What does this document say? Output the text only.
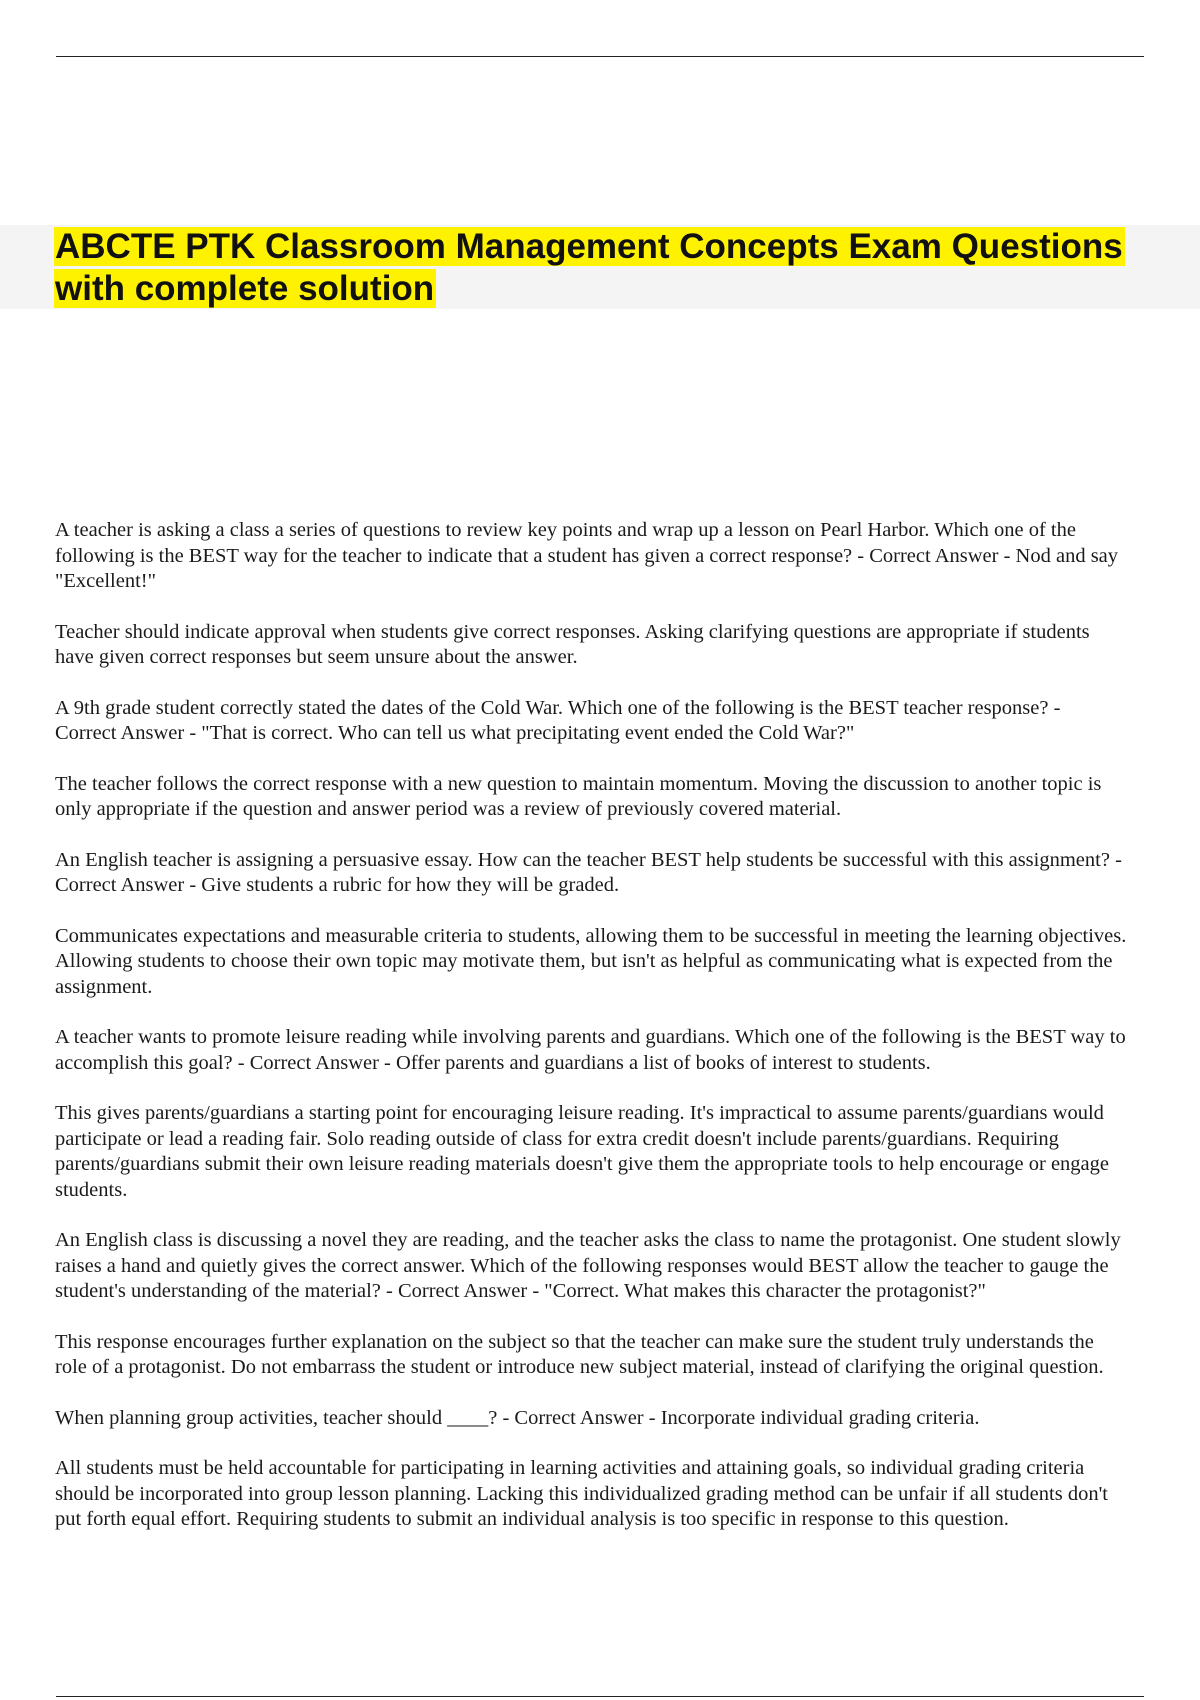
ABCTE PTK Classroom Management Concepts Exam Questions
with complete solution

A teacher is asking a class a series of questions to review key points and wrap up a lesson on Pearl Harbor. Which one of the
following is the BEST way for the teacher to indicate that a student has given a correct response? - Correct Answer - Nod and say
"Excellent!"

Teacher should indicate approval when students give correct responses. Asking clarifying questions are appropriate if students
have given correct responses but seem unsure about the answer.

A 9th grade student correctly stated the dates of the Cold War. Which one of the following is the BEST teacher response? -
Correct Answer - "That is correct. Who can tell us what precipitating event ended the Cold War?"

The teacher follows the correct response with a new question to maintain momentum. Moving the discussion to another topic is
only appropriate if the question and answer period was a review of previously covered material.

An English teacher is assigning a persuasive essay. How can the teacher BEST help students be successful with this assignment? -
Correct Answer - Give students a rubric for how they will be graded.

Communicates expectations and measurable criteria to students, allowing them to be successful in meeting the learning objectives.
Allowing students to choose their own topic may motivate them, but isn't as helpful as communicating what is expected from the
assignment.

A teacher wants to promote leisure reading while involving parents and guardians. Which one of the following is the BEST way to
accomplish this goal? - Correct Answer - Offer parents and guardians a list of books of interest to students.

This gives parents/guardians a starting point for encouraging leisure reading. It's impractical to assume parents/guardians would
participate or lead a reading fair. Solo reading outside of class for extra credit doesn't include parents/guardians. Requiring
parents/guardians submit their own leisure reading materials doesn't give them the appropriate tools to help encourage or engage
students.

An English class is discussing a novel they are reading, and the teacher asks the class to name the protagonist. One student slowly
raises a hand and quietly gives the correct answer. Which of the following responses would BEST allow the teacher to gauge the
student's understanding of the material? - Correct Answer - "Correct. What makes this character the protagonist?"

This response encourages further explanation on the subject so that the teacher can make sure the student truly understands the
role of a protagonist. Do not embarrass the student or introduce new subject material, instead of clarifying the original question.

When planning group activities, teacher should ____? - Correct Answer - Incorporate individual grading criteria.

All students must be held accountable for participating in learning activities and attaining goals, so individual grading criteria
should be incorporated into group lesson planning. Lacking this individualized grading method can be unfair if all students don't
put forth equal effort. Requiring students to submit an individual analysis is too specific in response to this question.
